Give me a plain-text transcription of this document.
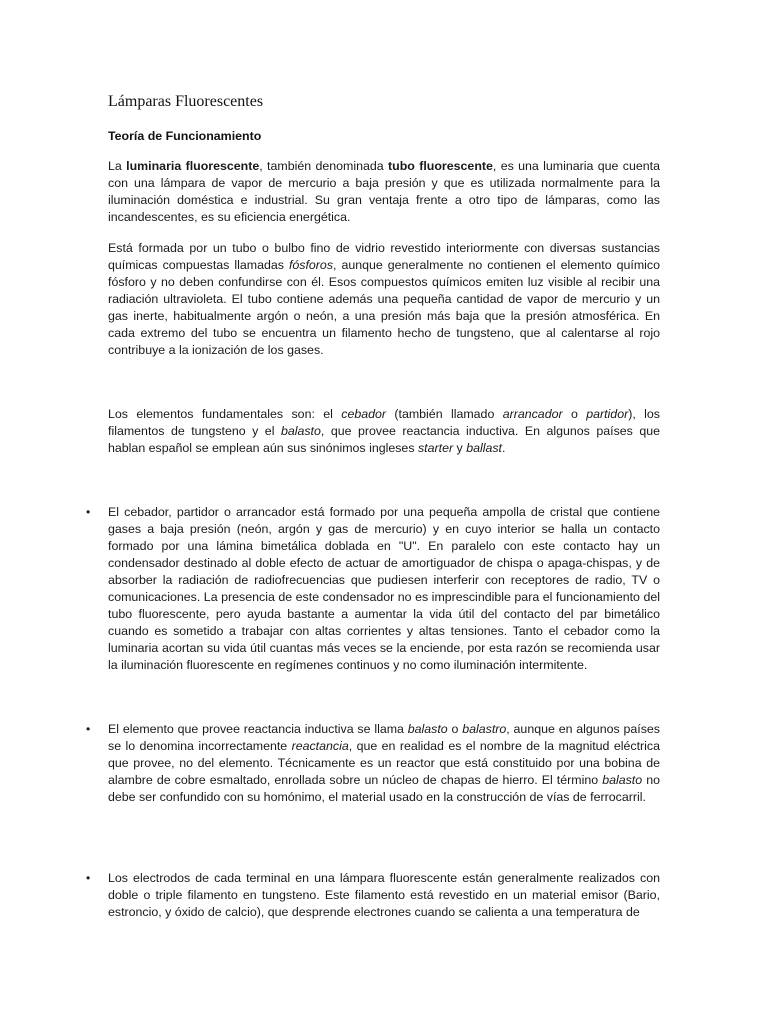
Lámparas Fluorescentes
Teoría de Funcionamiento

La luminaria fluorescente, también denominada tubo fluorescente, es una luminaria que cuenta con una lámpara de vapor de mercurio a baja presión y que es utilizada normalmente para la iluminación doméstica e industrial. Su gran ventaja frente a otro tipo de lámparas, como las incandescentes, es su eficiencia energética.

Está formada por un tubo o bulbo fino de vidrio revestido interiormente con diversas sustancias químicas compuestas llamadas fósforos, aunque generalmente no contienen el elemento químico fósforo y no deben confundirse con él. Esos compuestos químicos emiten luz visible al recibir una radiación ultravioleta. El tubo contiene además una pequeña cantidad de vapor de mercurio y un gas inerte, habitualmente argón o neón, a una presión más baja que la presión atmosférica. En cada extremo del tubo se encuentra un filamento hecho de tungsteno, que al calentarse al rojo contribuye a la ionización de los gases.

Los elementos fundamentales son: el cebador (también llamado arrancador o partidor), los filamentos de tungsteno y el balasto, que provee reactancia inductiva. En algunos países que hablan español se emplean aún sus sinónimos ingleses starter y ballast.

•	El cebador, partidor o arrancador está formado por una pequeña ampolla de cristal que contiene gases a baja presión (neón, argón y gas de mercurio) y en cuyo interior se halla un contacto formado por una lámina bimetálica doblada en "U". En paralelo con este contacto hay un condensador destinado al doble efecto de actuar de amortiguador de chispa o apaga-chispas, y de absorber la radiación de radiofrecuencias que pudiesen interferir con receptores de radio, TV o comunicaciones. La presencia de este condensador no es imprescindible para el funcionamiento del tubo fluorescente, pero ayuda bastante a aumentar la vida útil del contacto del par bimetálico cuando es sometido a trabajar con altas corrientes y altas tensiones. Tanto el cebador como la luminaria acortan su vida útil cuantas más veces se la enciende, por esta razón se recomienda usar la iluminación fluorescente en regímenes continuos y no como iluminación intermitente.

•	El elemento que provee reactancia inductiva se llama balasto o balastro, aunque en algunos países se lo denomina incorrectamente reactancia, que en realidad es el nombre de la magnitud eléctrica que provee, no del elemento. Técnicamente es un reactor que está constituido por una bobina de alambre de cobre esmaltado, enrollada sobre un núcleo de chapas de hierro. El término balasto no debe ser confundido con su homónimo, el material usado en la construcción de vías de ferrocarril.

•	Los electrodos de cada terminal en una lámpara fluorescente están generalmente realizados con doble o triple filamento en tungsteno. Este filamento está revestido en un material emisor (Bario, estroncio, y óxido de calcio), que desprende electrones cuando se calienta a una temperatura de
